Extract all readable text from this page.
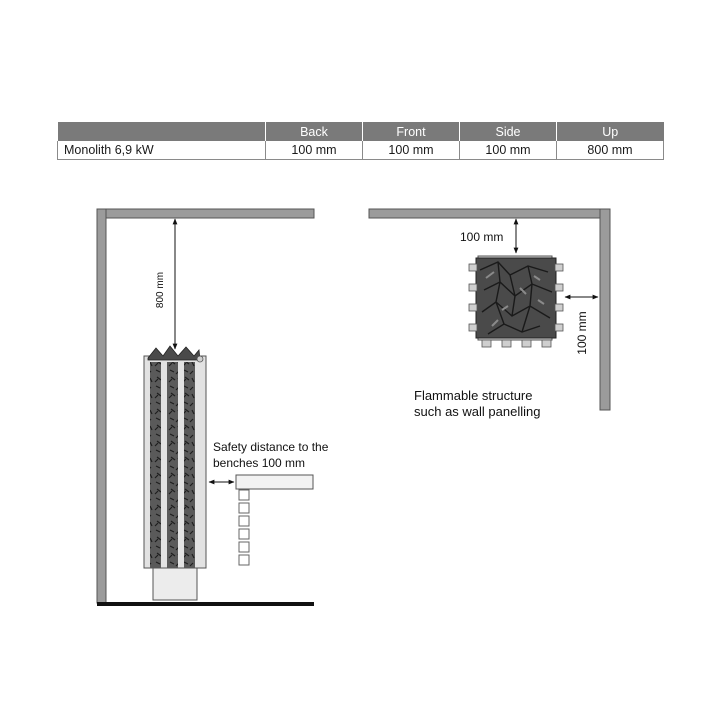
	Back	Front	Side	Up
Monolith 6,9 kW	100 mm	100 mm	100 mm	800 mm
800 mm
Safety distance to the
benches 100 mm
100 mm
100 mm
Flammable structure
such as wall panelling
